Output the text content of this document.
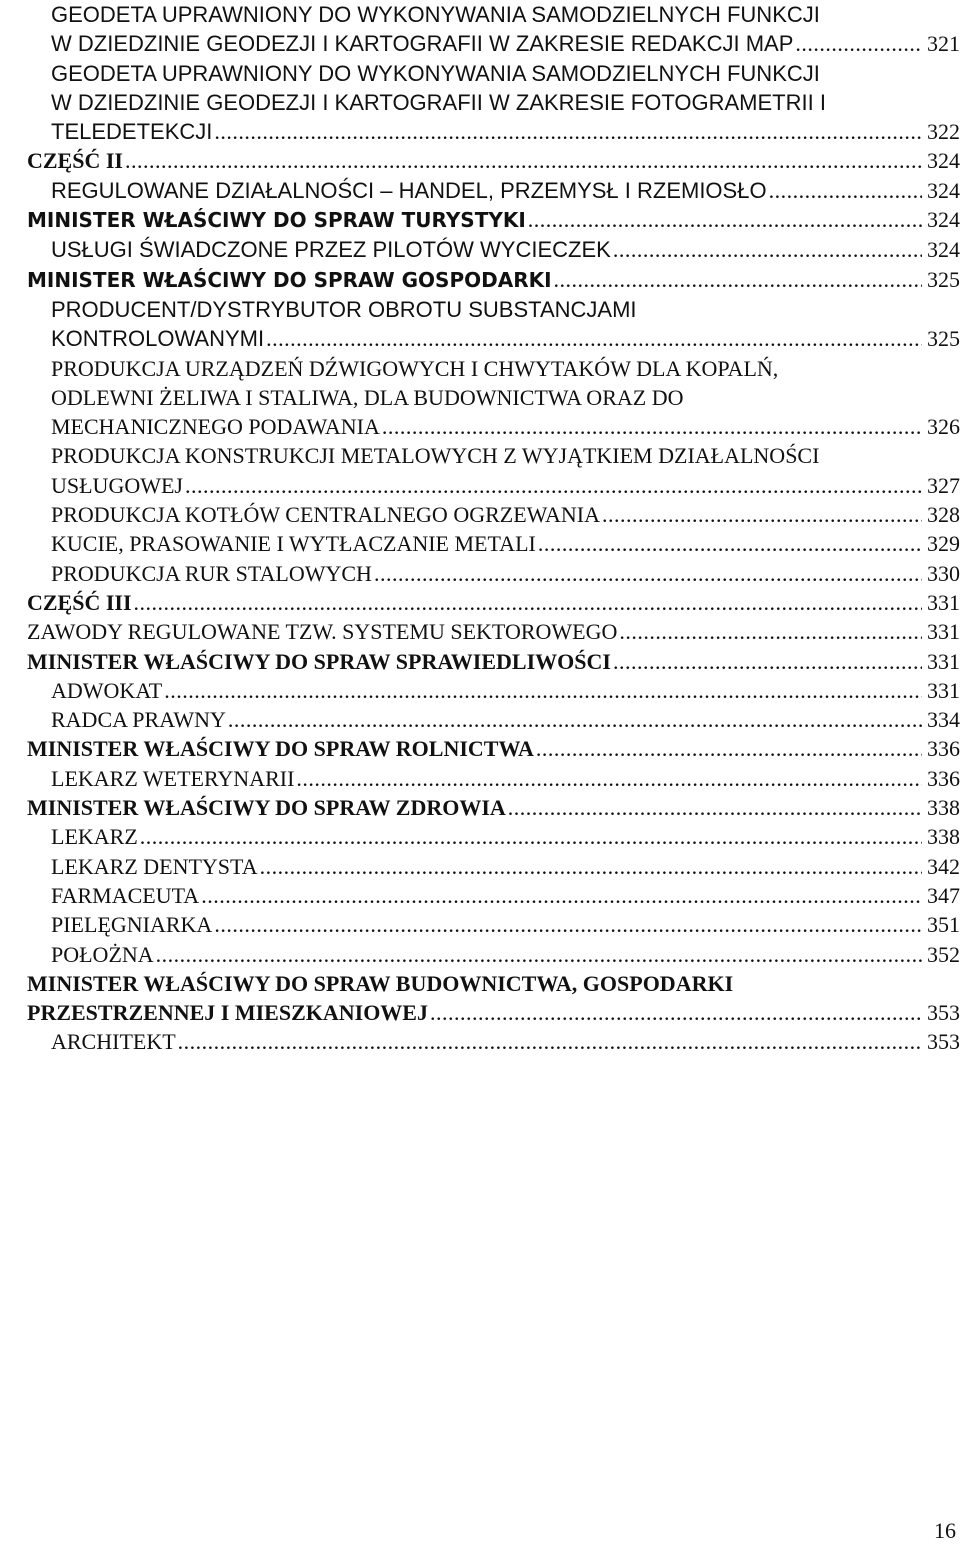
GEODETA UPRAWNIONY DO WYKONYWANIA SAMODZIELNYCH FUNKCJI
W DZIEDZINIE GEODEZJI I KARTOGRAFII W ZAKRESIE REDAKCJI MAP .....	321
GEODETA UPRAWNIONY DO WYKONYWANIA SAMODZIELNYCH FUNKCJI
W DZIEDZINIE GEODEZJI I KARTOGRAFII W ZAKRESIE FOTOGRAMETRII I
TELEDETEKCJI .....	322
CZĘŚĆ II .....	324
REGULOWANE DZIAŁALNOŚCI – HANDEL, PRZEMYSŁ I RZEMIOSŁO .....	324
MINISTER WŁAŚCIWY DO SPRAW TURYSTYKI .....	324
USŁUGI ŚWIADCZONE PRZEZ PILOTÓW WYCIECZEK .....	324
MINISTER WŁAŚCIWY DO SPRAW GOSPODARKI .....	325
PRODUCENT/DYSTRYBUTOR OBROTU SUBSTANCJAMI
KONTROLOWANYMI .....	325
PRODUKCJA URZĄDZEŃ DŹWIGOWYCH I CHWYTAKÓW DLA KOPALŃ,
ODLEWNI ŻELIWA I STALIWA, DLA BUDOWNICTWA ORAZ DO
MECHANICZNEGO PODAWANIA .....	326
PRODUKCJA KONSTRUKCJI METALOWYCH Z WYJĄTKIEM DZIAŁALNOŚCI
USŁUGOWEJ .....	327
PRODUKCJA KOTŁÓW CENTRALNEGO OGRZEWANIA .....	328
KUCIE, PRASOWANIE I WYTŁACZANIE METALI .....	329
PRODUKCJA RUR STALOWYCH .....	330
CZĘŚĆ III .....	331
ZAWODY REGULOWANE TZW. SYSTEMU SEKTOROWEGO .....	331
MINISTER WŁAŚCIWY DO SPRAW SPRAWIEDLIWOŚCI .....	331
ADWOKAT .....	331
RADCA PRAWNY .....	334
MINISTER WŁAŚCIWY DO SPRAW ROLNICTWA .....	336
LEKARZ WETERYNARII .....	336
MINISTER WŁAŚCIWY DO SPRAW ZDROWIA .....	338
LEKARZ .....	338
LEKARZ DENTYSTA .....	342
FARMACEUTA .....	347
PIELĘGNIARKA .....	351
POŁOŻNA .....	352
MINISTER WŁAŚCIWY DO SPRAW BUDOWNICTWA, GOSPODARKI
PRZESTRZENNEJ I MIESZKANIOWEJ .....	353
ARCHITEKT .....	353
16
